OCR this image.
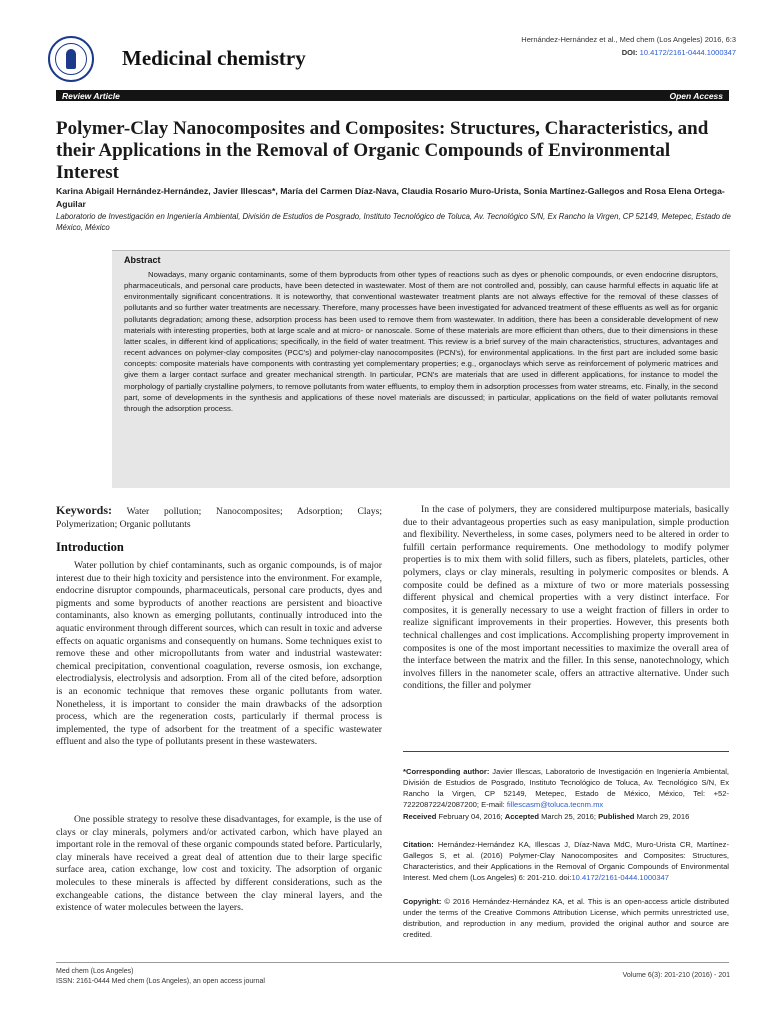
Medicinal chemistry
Hernández-Hernández et al., Med chem (Los Angeles) 2016, 6:3
DOI: 10.4172/2161-0444.1000347
Review Article	Open Access
Polymer-Clay Nanocomposites and Composites: Structures, Characteristics, and their Applications in the Removal of Organic Compounds of Environmental Interest
Karina Abigail Hernández-Hernández, Javier Illescas*, María del Carmen Díaz-Nava, Claudia Rosario Muro-Urista, Sonia Martínez-Gallegos and Rosa Elena Ortega-Aguilar
Laboratorio de Investigación en Ingeniería Ambiental, División de Estudios de Posgrado, Instituto Tecnológico de Toluca, Av. Tecnológico S/N, Ex Rancho la Virgen, CP 52149, Metepec, Estado de México, México
Abstract

Nowadays, many organic contaminants, some of them byproducts from other types of reactions such as dyes or phenolic compounds, or even endocrine disruptors, pharmaceuticals, and personal care products, have been detected in wastewater. Most of them are not controlled and, possibly, can cause harmful effects in aquatic life at environmentally significant concentrations. It is noteworthy, that conventional wastewater treatment plants are not always effective for the removal of these classes of pollutants and so further water treatments are necessary. Therefore, many processes have been investigated for advanced treatment of these effluents as well as for organic pollutants degradation; among these, adsorption process has been used to remove them from wastewater. In addition, there has been a considerable development of new materials with interesting properties, both at large scale and at micro- or nanoscale. Some of these materials are more efficient than others, due to their dimensions in these latter scales, in different kind of applications; specifically, in the field of water treatment. This review is a brief survey of the main characteristics, structures, advantages and recent advances on polymer-clay composites (PCC's) and polymer-clay nanocomposites (PCN's), for environmental applications. In the first part are included some basic concepts: composite materials have components with contrasting yet complementary properties; e.g., organoclays which serve as reinforcement of polymeric matrices and give them a larger contact surface and greater mechanical strength. In particular, PCN's are materials that are used in different applications, for instance to model the morphology of partially crystalline polymers, to remove pollutants from water effluents, to employ them in adsorption processes from water streams, etc. Finally, in the second part, some of developments in the synthesis and applications of these novel materials are discussed; in particular, applications on the field of water pollutants removal through the adsorption process.

Keywords: Water pollution; Nanocomposites; Adsorption; Clays; Polymerization; Organic pollutants
Introduction

Water pollution by chief contaminants, such as organic compounds, is of major interest due to their high toxicity and persistence into the environment. For example, endocrine disruptor compounds, pharmaceuticals, personal care products, dyes and pigments and some byproducts of another reactions are persistent and bioactive contaminants, also known as emerging pollutants, continually introduced into the aquatic environment through different sources, which can result in toxic and adverse effects on aquatic organisms and consequently on humans. Some techniques exist to remove these and other micropollutants from water and industrial wastewater: chemical precipitation, conventional coagulation, reverse osmosis, ion exchange, electrodialysis, electrolysis and adsorption. From all of the cited before, adsorption is an economic technique that removes these organic pollutants from water. Nonetheless, it is important to consider the main drawbacks of the adsorption process, which are the regeneration costs, particularly if thermal process is implemented, the type of adsorbent for the treatment of a specific wastewater effluent and also the type of pollutants present in these wastewaters.

One possible strategy to resolve these disadvantages, for example, is the use of clays or clay minerals, polymers and/or activated carbon, which have played an important role in the removal of these organic compounds stated before. Particularly, clay minerals have received a great deal of attention due to their large specific surface area, cation exchange, low cost and toxicity. The adsorption of organic molecules to these minerals is affected by different considerations, such as the exchangeable cations, the distance between the clay mineral layers, and the existence of water molecules between the layers.

In the case of polymers, they are considered multipurpose materials, basically due to their advantageous properties such as easy manipulation, simple production and flexibility. Nevertheless, in some cases, polymers need to be altered in order to fulfill certain performance requirements. One methodology to modify polymer properties is to mix them with solid fillers, such as fibers, platelets, particles, other polymers, clays or clay minerals, resulting in polymeric composites or blends. A composite could be defined as a mixture of two or more materials possessing different physical and chemical properties with a very distinct interface. For composites, it is generally necessary to use a weight fraction of fillers in order to realize significant improvements in their properties. However, this presents both technical challenges and cost implications. Accomplishing property improvement in composites is one of the most important necessities to maximize the overall area of the interface between the matrix and the filler. In this sense, nanotechnology, which involves fillers in the nanometer scale, offers an attractive alternative. Under such conditions, the filler and polymer

*Corresponding author: Javier Illescas, Laboratorio de Investigación en Ingeniería Ambiental, División de Estudios de Posgrado, Instituto Tecnológico de Toluca, Av. Tecnológico S/N, Ex Rancho la Virgen, CP 52149, Metepec, Estado de México, México, Tel: +52-7222087224/2087200; E-mail: fillescasm@toluca.tecnm.mx
Received February 04, 2016; Accepted March 25, 2016; Published March 29, 2016
Citation: Hernández-Hernández KA, Illescas J, Díaz-Nava MdC, Muro-Urista CR, Martínez-Gallegos S, et al. (2016) Polymer-Clay Nanocomposites and Composites: Structures, Characteristics, and their Applications in the Removal of Organic Compounds of Environmental Interest. Med chem (Los Angeles) 6: 201-210. doi:10.4172/2161-0444.1000347
Copyright: © 2016 Hernández-Hernández KA, et al. This is an open-access article distributed under the terms of the Creative Commons Attribution License, which permits unrestricted use, distribution, and reproduction in any medium, provided the original author and source are credited.
Med chem (Los Angeles)
ISSN: 2161-0444 Med chem (Los Angeles), an open access journal
Volume 6(3): 201-210 (2016) - 201
